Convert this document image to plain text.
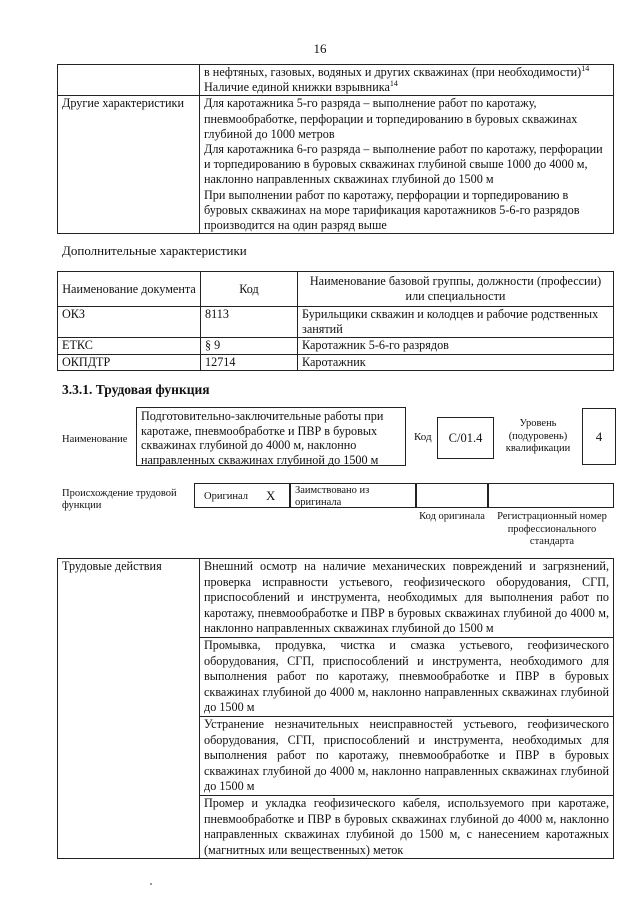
16

	в нефтяных, газовых, водяных и других скважинах (при необходимости)$^{14}$
Наличие единой книжки взрывника$^{14}$

Другие характеристики	Для каротажника 5-го разряда – выполнение работ по каротажу, пневмообработке, перфорации и торпедированию в буровых скважинах глубиной до 1000 метров
Для каротажника 6-го разряда – выполнение работ по каротажу, перфорации и торпедированию в буровых скважинах глубиной свыше 1000 до 4000 м, наклонно направленных скважинах глубиной до 1500 м
При выполнении работ по каротажу, перфорации и торпедированию в буровых скважинах на море тарификация каротажников 5-6-го разрядов производится на один разряд выше
Дополнительные характеристики
Наименование документа	Код	Наименование базовой группы, должности (профессии) или специальности
ОКЗ	8113	Бурильщики скважин и колодцев и рабочие родственных занятий
ЕТКС	§ 9	Каротажник 5-6-го разрядов
ОКПДТР	12714	Каротажник
3.3.1. Трудовая функция
Наименование
Подготовительно-заключительные работы при каротаже, пневмообработке и ПВР в буровых скважинах глубиной до 4000 м, наклонно направленных скважинах глубиной до 1500 м
Код	C/01.4
Уровень (подуровень) квалификации
4
Происхождение трудовой функции
Оригинал X Заимствовано из оригинала
Код оригинала	Регистрационный номер профессионального стандарта
Трудовые действия	Внешний осмотр на наличие механических повреждений и загрязнений, проверка исправности устьевого, геофизического оборудования, СГП, приспособлений и инструмента, необходимых для выполнения работ по каротажу, пневмообработке и ПВР в буровых скважинах глубиной до 4000 м, наклонно направленных скважинах глубиной до 1500 м
Промывка, продувка, чистка и смазка устьевого, геофизического оборудования, СГП, приспособлений и инструмента, необходимого для выполнения работ по каротажу, пневмообработке и ПВР в буровых скважинах глубиной до 4000 м, наклонно направленных скважинах глубиной до 1500 м
Устранение незначительных неисправностей устьевого, геофизического оборудования, СГП, приспособлений и инструмента, необходимых для выполнения работ по каротажу, пневмообработке и ПВР в буровых скважинах глубиной до 4000 м, наклонно направленных скважинах глубиной до 1500 м
Промер и укладка геофизического кабеля, используемого при каротаже, пневмообработке и ПВР в буровых скважинах глубиной до 4000 м, наклонно направленных скважинах глубиной до 1500 м, с нанесением каротажных (магнитных или вещественных) меток
